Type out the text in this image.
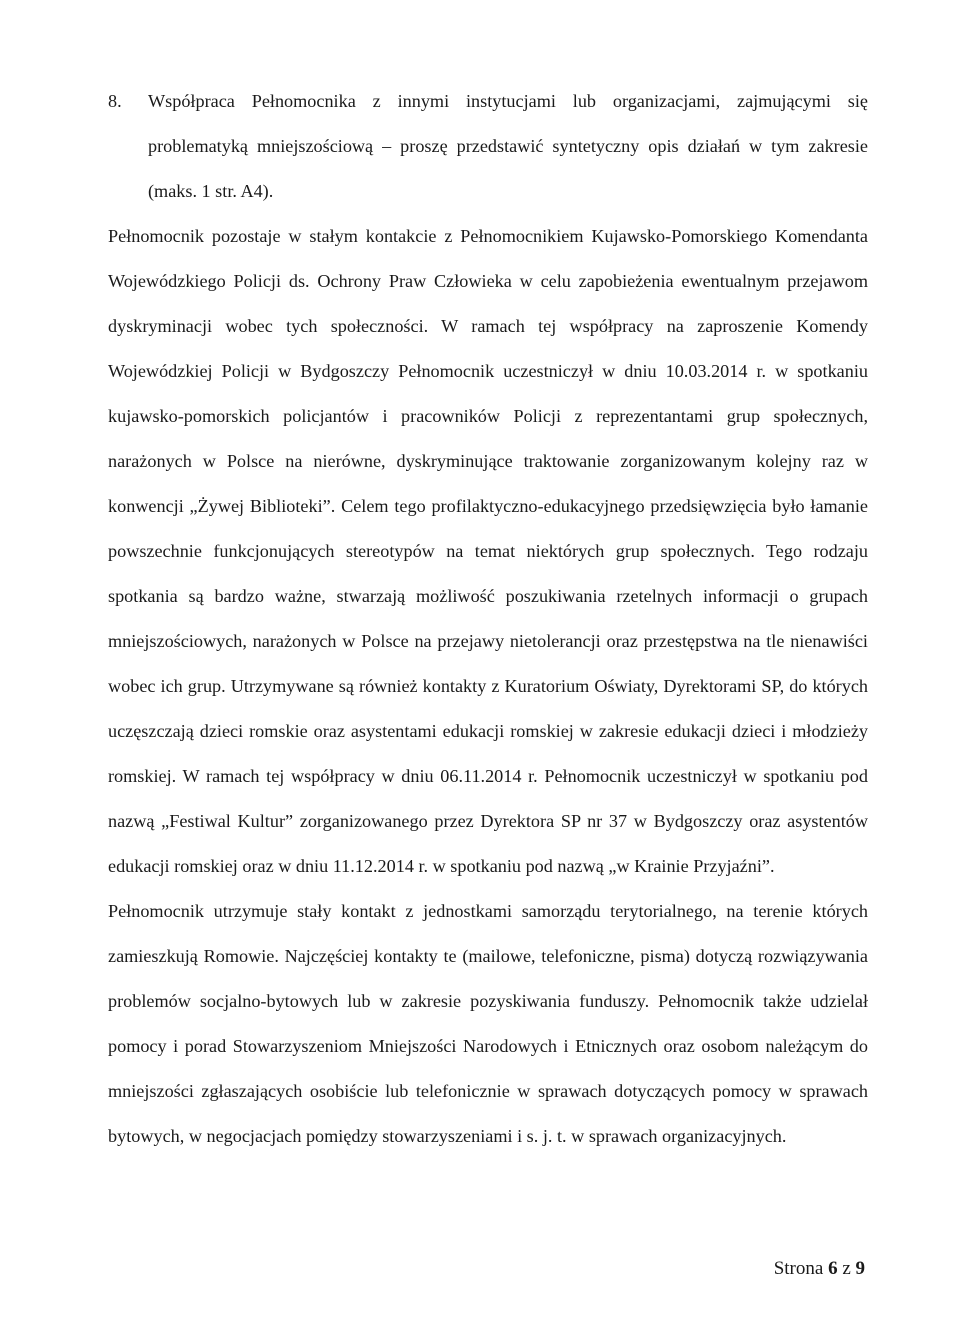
8. Współpraca Pełnomocnika z innymi instytucjami lub organizacjami, zajmującymi się problematyką mniejszościową – proszę przedstawić syntetyczny opis działań w tym zakresie (maks. 1 str. A4).

Pełnomocnik pozostaje w stałym kontakcie z Pełnomocnikiem Kujawsko-Pomorskiego Komendanta Wojewódzkiego Policji ds. Ochrony Praw Człowieka w celu zapobieżenia ewentualnym przejawom dyskryminacji wobec tych społeczności. W ramach tej współpracy na zaproszenie Komendy Wojewódzkiej Policji w Bydgoszczy Pełnomocnik uczestniczył w dniu 10.03.2014 r. w spotkaniu kujawsko-pomorskich policjantów i pracowników Policji z reprezentantami grup społecznych, narażonych w Polsce na nierówne, dyskryminujące traktowanie zorganizowanym kolejny raz w konwencji „Żywej Biblioteki”. Celem tego profilaktyczno-edukacyjnego przedsięwzięcia było łamanie powszechnie funkcjonujących stereotypów na temat niektórych grup społecznych. Tego rodzaju spotkania są bardzo ważne, stwarzają możliwość poszukiwania rzetelnych informacji o grupach mniejszościowych, narażonych w Polsce na przejawy nietolerancji oraz przestępstwa na tle nienawiści wobec ich grup. Utrzymywane są również kontakty z Kuratorium Oświaty, Dyrektorami SP, do których uczęszczają dzieci romskie oraz asystentami edukacji romskiej w zakresie edukacji dzieci i młodzieży romskiej. W ramach tej współpracy w dniu 06.11.2014 r. Pełnomocnik uczestniczył w spotkaniu pod nazwą „Festiwal Kultur” zorganizowanego przez Dyrektora SP nr 37 w Bydgoszczy oraz asystentów edukacji romskiej oraz w dniu 11.12.2014 r. w spotkaniu pod nazwą „w Krainie Przyjaźni”.

Pełnomocnik utrzymuje stały kontakt z jednostkami samorządu terytorialnego, na terenie których zamieszkują Romowie. Najczęściej kontakty te (mailowe, telefoniczne, pisma) dotyczą rozwiązywania problemów socjalno-bytowych lub w zakresie pozyskiwania funduszy. Pełnomocnik także udzielał pomocy i porad Stowarzyszeniom Mniejszości Narodowych i Etnicznych oraz osobom należącym do mniejszości zgłaszających osobiście lub telefonicznie w sprawach dotyczących pomocy w sprawach bytowych, w negocjacjach pomiędzy stowarzyszeniami i s. j. t. w sprawach organizacyjnych.

Strona 6 z 9
